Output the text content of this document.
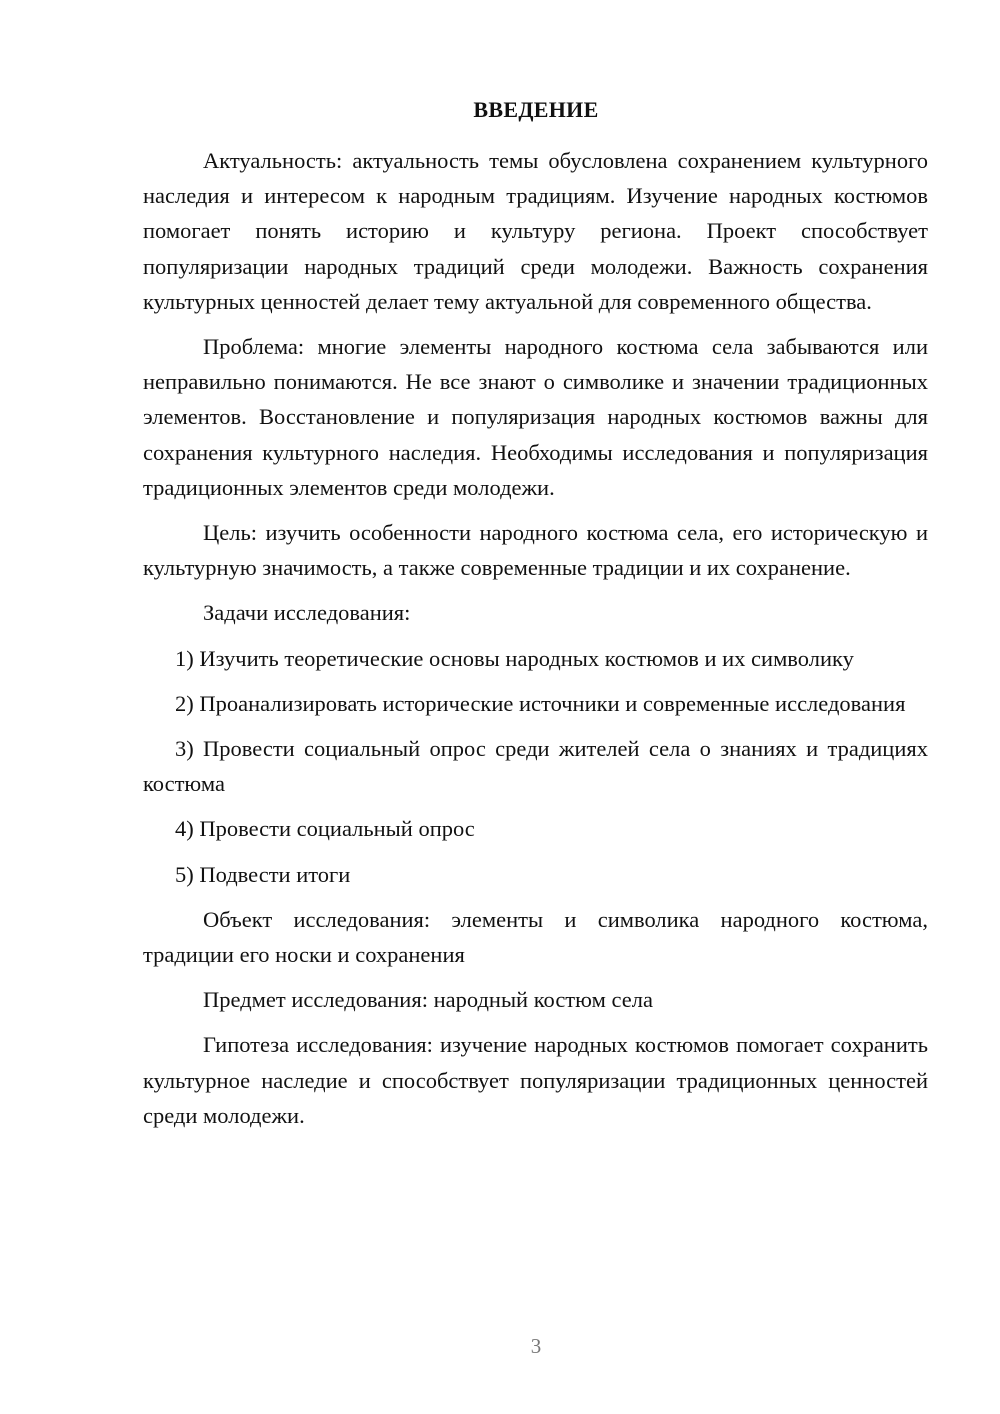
ВВЕДЕНИЕ

Актуальность: актуальность темы обусловлена сохранением культурного наследия и интересом к народным традициям. Изучение народных костюмов помогает понять историю и культуру региона. Проект способствует популяризации народных традиций среди молодежи. Важность сохранения культурных ценностей делает тему актуальной для современного общества.

Проблема: многие элементы народного костюма села забываются или неправильно понимаются. Не все знают о символике и значении традиционных элементов. Восстановление и популяризация народных костюмов важны для сохранения культурного наследия. Необходимы исследования и популяризация традиционных элементов среди молодежи.

Цель: изучить особенности народного костюма села, его историческую и культурную значимость, а также современные традиции и их сохранение.

Задачи исследования:

1) Изучить теоретические основы народных костюмов и их символику

2) Проанализировать исторические источники и современные исследования

3) Провести социальный опрос среди жителей села о знаниях и традициях костюма

4) Провести социальный опрос

5) Подвести итоги

Объект исследования: элементы и символика народного костюма, традиции его носки и сохранения

Предмет исследования: народный костюм села

Гипотеза исследования: изучение народных костюмов помогает сохранить культурное наследие и способствует популяризации традиционных ценностей среди молодежи.

3
